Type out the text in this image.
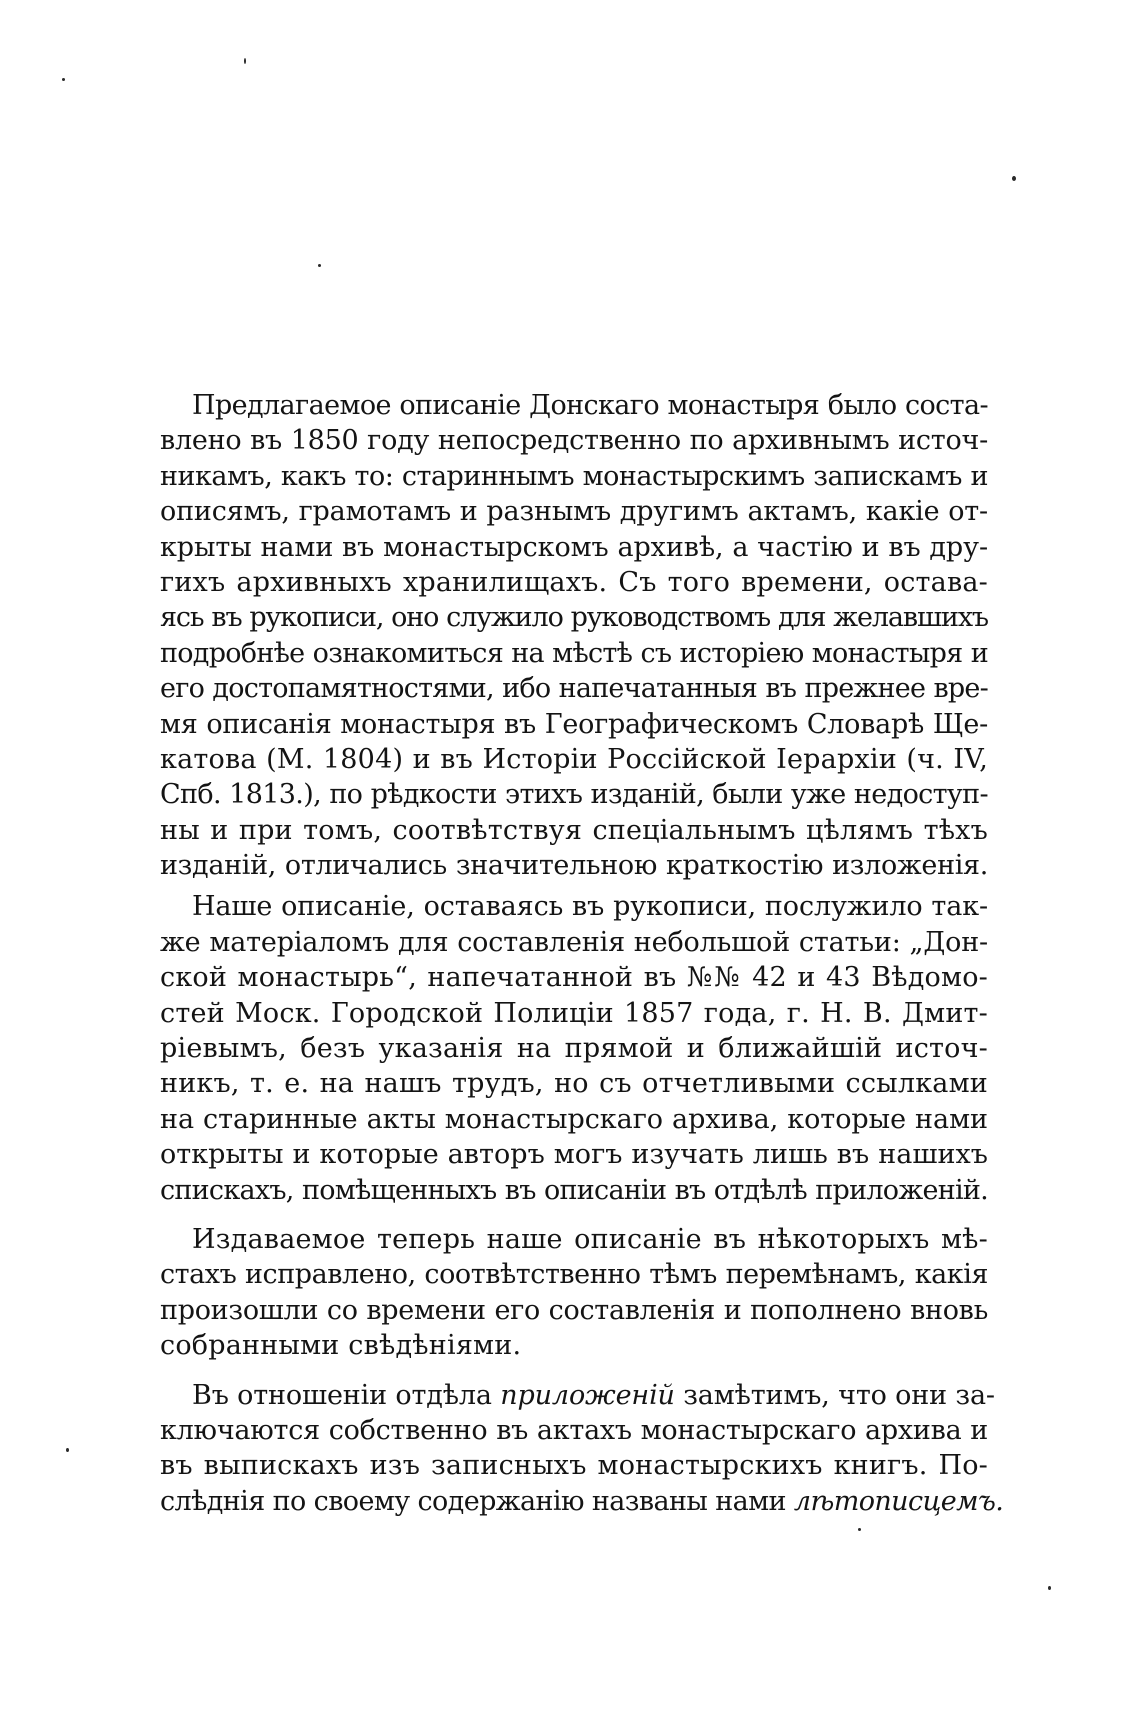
Предлагаемое описаніе Донскаго монастыря было соста-
влено въ 1850 году непосредственно по архивнымъ источ-
никамъ, какъ то: стариннымъ монастырскимъ запискамъ и
описямъ, грамотамъ и разнымъ другимъ актамъ, какіе от-
крыты нами въ монастырскомъ архивѣ, а частію и въ дру-
гихъ архивныхъ хранилищахъ. Съ того времени, остава-
ясь въ рукописи, оно служило руководствомъ для желавшихъ
подробнѣе ознакомиться на мѣстѣ съ исторіею монастыря и
его достопамятностями, ибо напечатанныя въ прежнее вре-
мя описанія монастыря въ Географическомъ Словарѣ Ще-
катова (М. 1804) и въ Исторіи Россійской Іерархіи (ч. IV,
Спб. 1813.), по рѣдкости этихъ изданій, были уже недоступ-
ны и при томъ, соотвѣтствуя спеціальнымъ цѣлямъ тѣхъ
изданій, отличались значительною краткостію изложенія.
Наше описаніе, оставаясь въ рукописи, послужило так-
же матеріаломъ для составленія небольшой статьи: „Дон-
ской монастырь“, напечатанной въ №№ 42 и 43 Вѣдомо-
стей Моск. Городской Полиціи 1857 года, г. Н. В. Дмит-
ріевымъ, безъ указанія на прямой и ближайшій источ-
никъ, т. е. на нашъ трудъ, но съ отчетливыми ссылками
на старинные акты монастырскаго архива, которые нами
открыты и которые авторъ могъ изучать лишь въ нашихъ
спискахъ, помѣщенныхъ въ описаніи въ отдѣлѣ приложеній.
Издаваемое теперь наше описаніе въ нѣкоторыхъ мѣ-
стахъ исправлено, соотвѣтственно тѣмъ перемѣнамъ, какія
произошли со времени его составленія и пополнено вновь
собранными свѣдѣніями.
Въ отношеніи отдѣла приложеній замѣтимъ, что они за-
ключаются собственно въ актахъ монастырскаго архива и
въ выпискахъ изъ записныхъ монастырскихъ книгъ. По-
слѣднія по своему содержанію названы нами лѣтописцемъ.
